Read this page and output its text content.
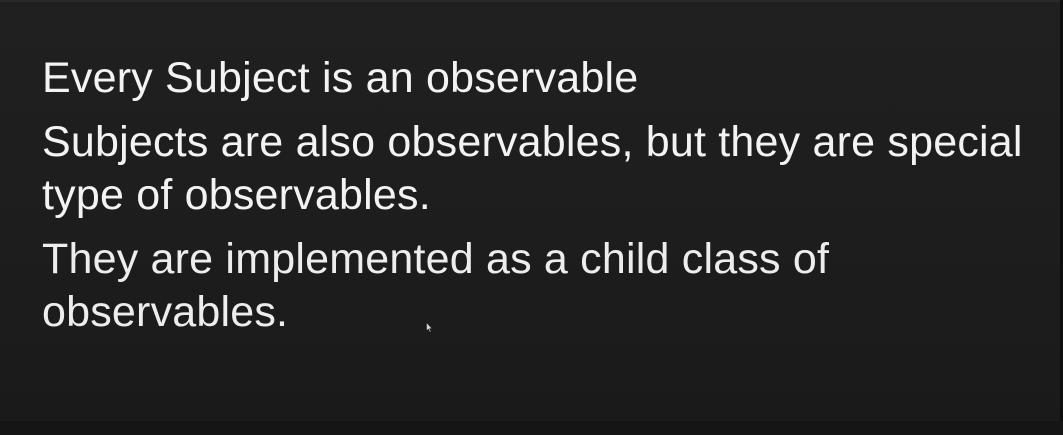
Every Subject is an observable
Subjects are also observables, but they are special type of observables.
They are implemented as a child class of observables.
